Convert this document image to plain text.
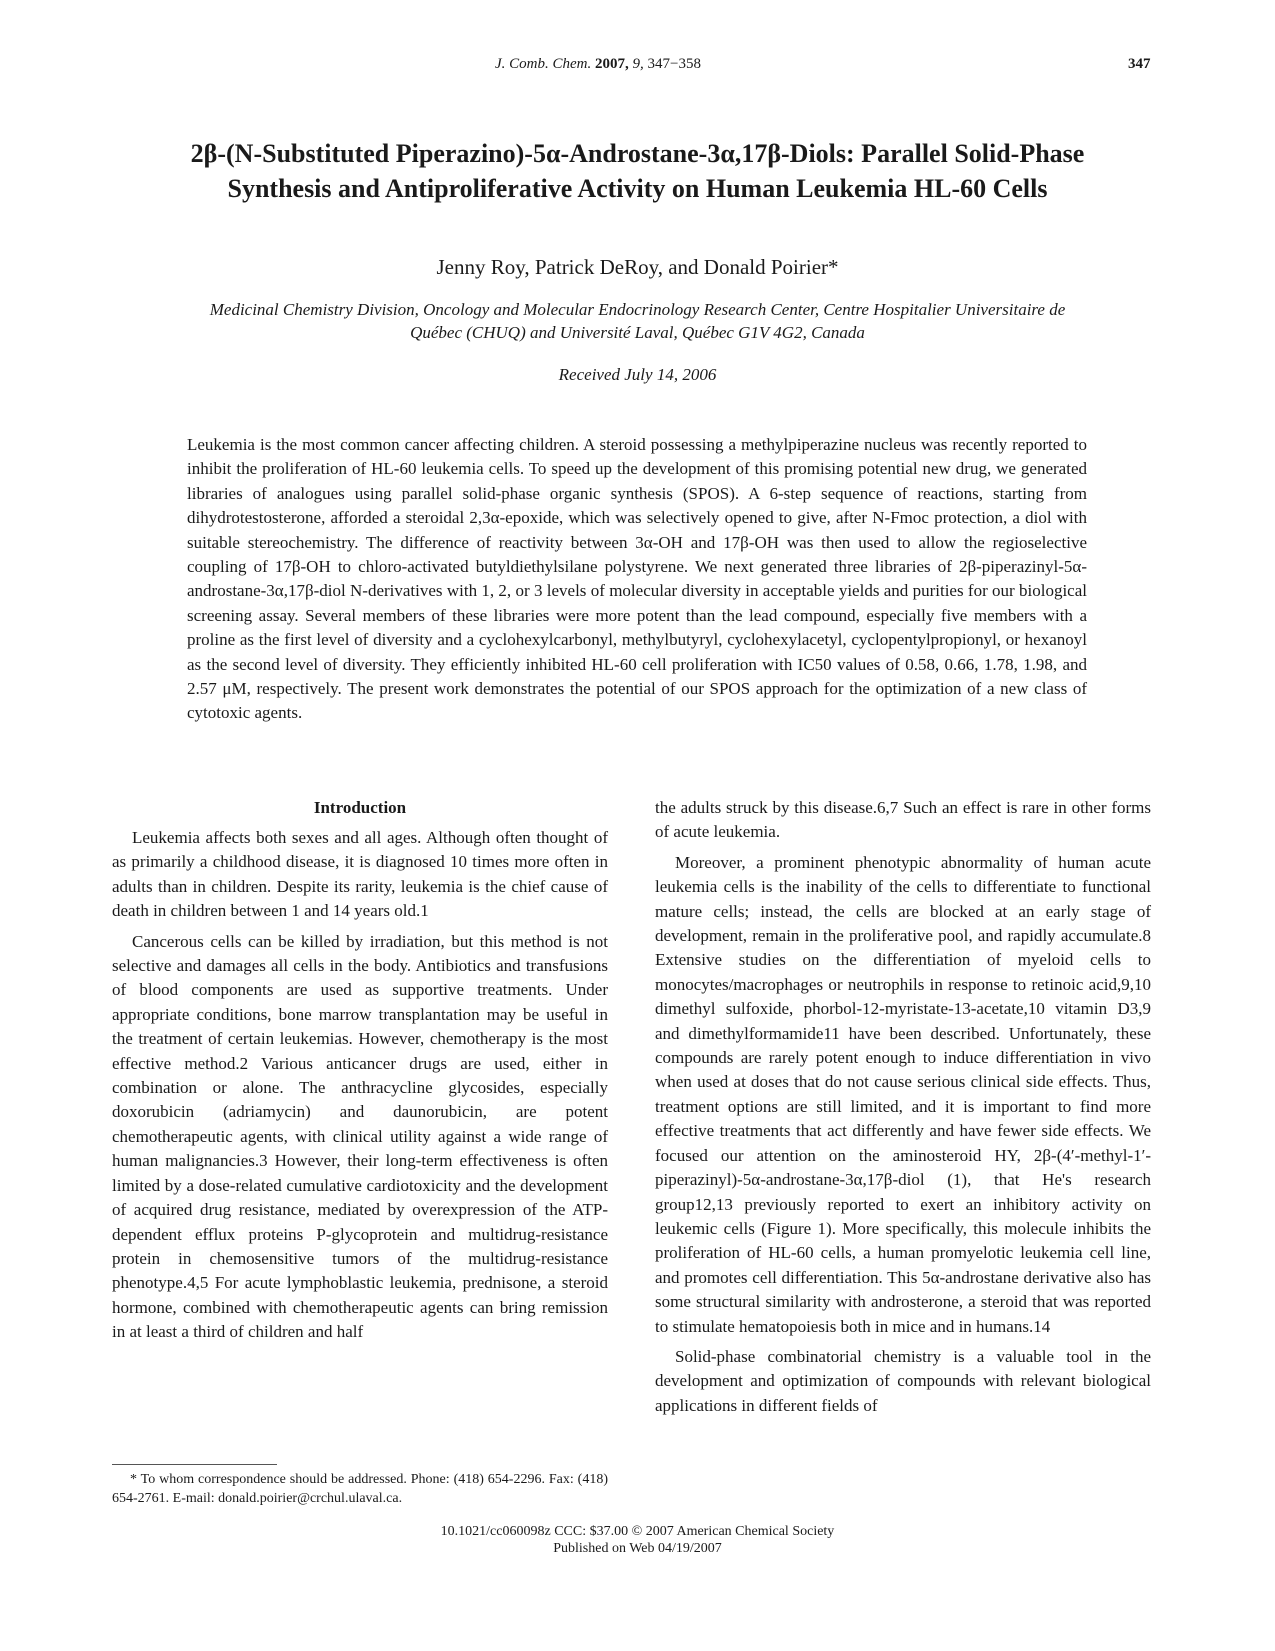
J. Comb. Chem. 2007, 9, 347−358	347
2β-(N-Substituted Piperazino)-5α-Androstane-3α,17β-Diols: Parallel Solid-Phase Synthesis and Antiproliferative Activity on Human Leukemia HL-60 Cells
Jenny Roy, Patrick DeRoy, and Donald Poirier*
Medicinal Chemistry Division, Oncology and Molecular Endocrinology Research Center, Centre Hospitalier Universitaire de Québec (CHUQ) and Université Laval, Québec G1V 4G2, Canada
Received July 14, 2006
Leukemia is the most common cancer affecting children. A steroid possessing a methylpiperazine nucleus was recently reported to inhibit the proliferation of HL-60 leukemia cells. To speed up the development of this promising potential new drug, we generated libraries of analogues using parallel solid-phase organic synthesis (SPOS). A 6-step sequence of reactions, starting from dihydrotestosterone, afforded a steroidal 2,3α-epoxide, which was selectively opened to give, after N-Fmoc protection, a diol with suitable stereochemistry. The difference of reactivity between 3α-OH and 17β-OH was then used to allow the regioselective coupling of 17β-OH to chloro-activated butyldiethylsilane polystyrene. We next generated three libraries of 2β-piperazinyl-5α-androstane-3α,17β-diol N-derivatives with 1, 2, or 3 levels of molecular diversity in acceptable yields and purities for our biological screening assay. Several members of these libraries were more potent than the lead compound, especially five members with a proline as the first level of diversity and a cyclohexylcarbonyl, methylbutyryl, cyclohexylacetyl, cyclopentylpropionyl, or hexanoyl as the second level of diversity. They efficiently inhibited HL-60 cell proliferation with IC50 values of 0.58, 0.66, 1.78, 1.98, and 2.57 μM, respectively. The present work demonstrates the potential of our SPOS approach for the optimization of a new class of cytotoxic agents.
Introduction

Leukemia affects both sexes and all ages. Although often thought of as primarily a childhood disease, it is diagnosed 10 times more often in adults than in children. Despite its rarity, leukemia is the chief cause of death in children between 1 and 14 years old.1

Cancerous cells can be killed by irradiation, but this method is not selective and damages all cells in the body. Antibiotics and transfusions of blood components are used as supportive treatments. Under appropriate conditions, bone marrow transplantation may be useful in the treatment of certain leukemias. However, chemotherapy is the most effective method.2 Various anticancer drugs are used, either in combination or alone. The anthracycline glycosides, especially doxorubicin (adriamycin) and daunorubicin, are potent chemotherapeutic agents, with clinical utility against a wide range of human malignancies.3 However, their long-term effectiveness is often limited by a dose-related cumulative cardiotoxicity and the development of acquired drug resistance, mediated by overexpression of the ATP-dependent efflux proteins P-glycoprotein and multidrug-resistance protein in chemosensitive tumors of the multidrug-resistance phenotype.4,5 For acute lymphoblastic leukemia, prednisone, a steroid hormone, combined with chemotherapeutic agents can bring remission in at least a third of children and half

the adults struck by this disease.6,7 Such an effect is rare in other forms of acute leukemia.

Moreover, a prominent phenotypic abnormality of human acute leukemia cells is the inability of the cells to differentiate to functional mature cells; instead, the cells are blocked at an early stage of development, remain in the proliferative pool, and rapidly accumulate.8 Extensive studies on the differentiation of myeloid cells to monocytes/macrophages or neutrophils in response to retinoic acid,9,10 dimethyl sulfoxide, phorbol-12-myristate-13-acetate,10 vitamin D3,9 and dimethylformamide11 have been described. Unfortunately, these compounds are rarely potent enough to induce differentiation in vivo when used at doses that do not cause serious clinical side effects. Thus, treatment options are still limited, and it is important to find more effective treatments that act differently and have fewer side effects. We focused our attention on the aminosteroid HY, 2β-(4′-methyl-1′-piperazinyl)-5α-androstane-3α,17β-diol (1), that He's research group12,13 previously reported to exert an inhibitory activity on leukemic cells (Figure 1). More specifically, this molecule inhibits the proliferation of HL-60 cells, a human promyelotic leukemia cell line, and promotes cell differentiation. This 5α-androstane derivative also has some structural similarity with androsterone, a steroid that was reported to stimulate hematopoiesis both in mice and in humans.14

Solid-phase combinatorial chemistry is a valuable tool in the development and optimization of compounds with relevant biological applications in different fields of

* To whom correspondence should be addressed. Phone: (418) 654-2296. Fax: (418) 654-2761. E-mail: donald.poirier@crchul.ulaval.ca.
10.1021/cc060098z CCC: $37.00 © 2007 American Chemical Society
Published on Web 04/19/2007
